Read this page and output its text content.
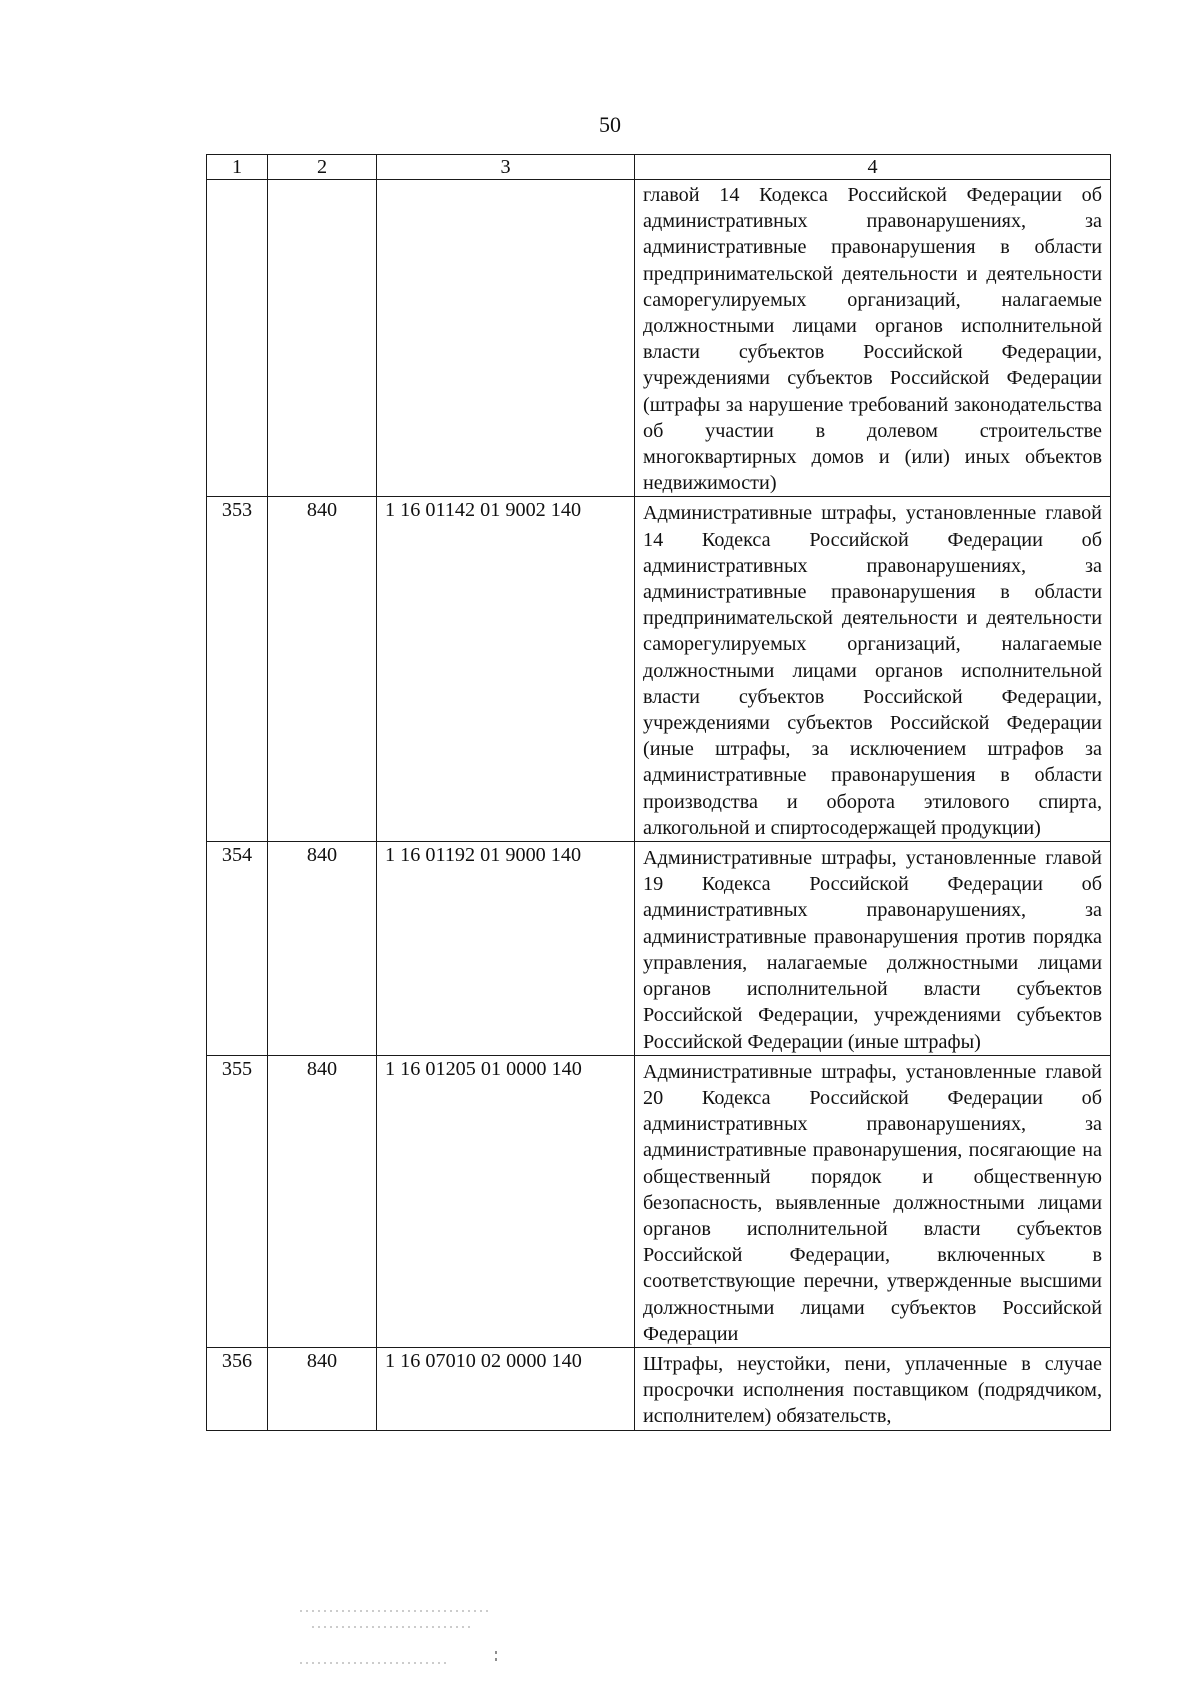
50
1	2	3	4
			главой 14 Кодекса Российской Федерации об административных правонарушениях, за административные правонарушения в области предпринимательской деятельности и деятельности саморегулируемых организаций, налагаемые должностными лицами органов исполнительной власти субъектов Российской Федерации, учреждениями субъектов Российской Федерации (штрафы за нарушение требований законодательства об участии в долевом строительстве многоквартирных домов и (или) иных объектов недвижимости)
353	840	1 16 01142 01 9002 140	Административные штрафы, установленные главой 14 Кодекса Российской Федерации об административных правонарушениях, за административные правонарушения в области предпринимательской деятельности и деятельности саморегулируемых организаций, налагаемые должностными лицами органов исполнительной власти субъектов Российской Федерации, учреждениями субъектов Российской Федерации (иные штрафы, за исключением штрафов за административные правонарушения в области производства и оборота этилового спирта, алкогольной и спиртосодержащей продукции)
354	840	1 16 01192 01 9000 140	Административные штрафы, установленные главой 19 Кодекса Российской Федерации об административных правонарушениях, за административные правонарушения против порядка управления, налагаемые должностными лицами органов исполнительной власти субъектов Российской Федерации, учреждениями субъектов Российской Федерации (иные штрафы)
355	840	1 16 01205 01 0000 140	Административные штрафы, установленные главой 20 Кодекса Российской Федерации об административных правонарушениях, за административные правонарушения, посягающие на общественный порядок и общественную безопасность, выявленные должностными лицами органов исполнительной власти субъектов Российской Федерации, включенных в соответствующие перечни, утвержденные высшими должностными лицами субъектов Российской Федерации
356	840	1 16 07010 02 0000 140	Штрафы, неустойки, пени, уплаченные в случае просрочки исполнения поставщиком (подрядчиком, исполнителем) обязательств,
